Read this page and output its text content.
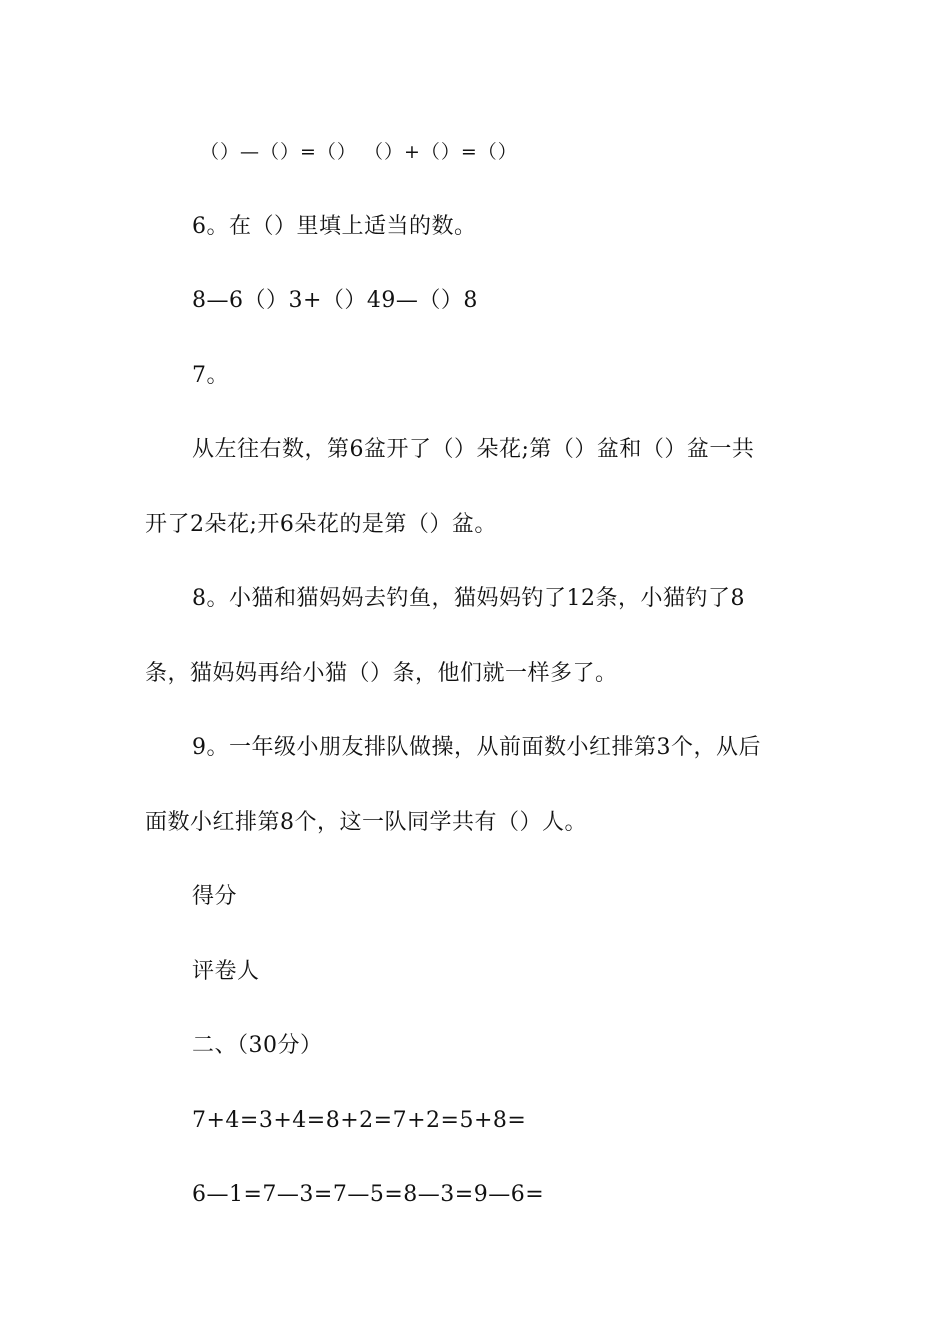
（）—（）=（） （）+（）=（）
6。在（）里填上适当的数。
8—6（）3+（）49—（）8
7。
从左往右数，第6盆开了（）朵花;第（）盆和（）盆一共
开了2朵花;开6朵花的是第（）盆。
8。小猫和猫妈妈去钓鱼，猫妈妈钓了12条，小猫钓了8
条，猫妈妈再给小猫（）条，他们就一样多了。
9。一年级小朋友排队做操，从前面数小红排第3个，从后
面数小红排第8个，这一队同学共有（）人。
得分
评卷人
二、（30分）
7+4=3+4=8+2=7+2=5+8=
6—1=7—3=7—5=8—3=9—6=
